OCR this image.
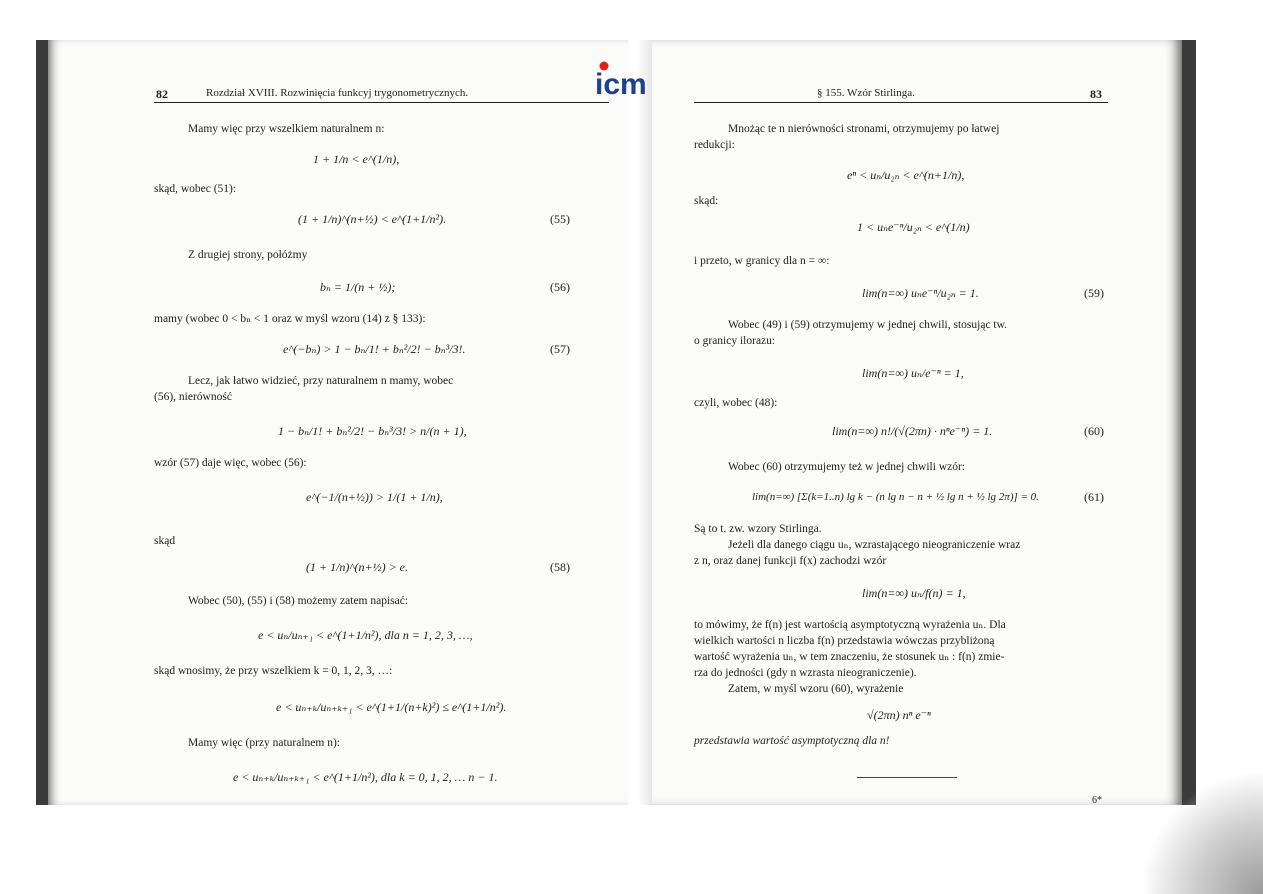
82	Rozdział XVIII. Rozwinięcia funkcyj trygonometrycznych.
Mamy więc przy wszelkiem naturalnem n:
1 + 1/n < e^(1/n),
skąd, wobec (51):
(1 + 1/n)^(n+½) < e^(1+1/n²).	(55)
Z drugiej strony, połóżmy
bₙ = 1/(n + ½);	(56)
mamy (wobec 0 < bₙ < 1 oraz w myśl wzoru (14) z § 133):
e^(−bₙ) > 1 − bₙ/1! + bₙ²/2! − bₙ³/3!.	(57)
Lecz, jak łatwo widzieć, przy naturalnem n mamy, wobec
(56), nierówność
1 − bₙ/1! + bₙ²/2! − bₙ³/3! > n/(n + 1),
wzór (57) daje więc, wobec (56):
e^(−1/(n+½)) > 1/(1 + 1/n),
skąd
(1 + 1/n)^(n+½) > e.	(58)
Wobec (50), (55) i (58) możemy zatem napisać:
e < uₙ/uₙ₊₁ < e^(1+1/n²), dla n = 1, 2, 3, …,
skąd wnosimy, że przy wszelkiem k = 0, 1, 2, 3, …:
e < uₙ₊ₖ/uₙ₊ₖ₊₁ < e^(1+1/(n+k)²) ≤ e^(1+1/n²).
Mamy więc (przy naturalnem n):
e < uₙ₊ₖ/uₙ₊ₖ₊₁ < e^(1+1/n²), dla k = 0, 1, 2, … n − 1.
icm	§ 155. Wzór Stirlinga.	83
Mnożąc te n nierówności stronami, otrzymujemy po łatwej
redukcji:
eⁿ < uₙ/u₂ₙ < e^(n+1/n),
skąd:
1 < uₙe⁻ⁿ/u₂ₙ < e^(1/n)
i przeto, w granicy dla n = ∞:
lim(n=∞) uₙe⁻ⁿ/u₂ₙ = 1.	(59)
Wobec (49) i (59) otrzymujemy w jednej chwili, stosując tw.
o granicy ilorazu:
lim(n=∞) uₙ/e⁻ⁿ = 1,
czyli, wobec (48):
lim(n=∞) n!/(√(2πn) · nⁿe⁻ⁿ) = 1.	(60)
Wobec (60) otrzymujemy też w jednej chwili wzór:
lim(n=∞) [Σ(k=1..n) lg k − (n lg n − n + ½ lg n + ½ lg 2π)] = 0.	(61)
Są to t. zw. wzory Stirlinga.
Jeżeli dla danego ciągu uₙ, wzrastającego nieograniczenie wraz
z n, oraz danej funkcji f(x) zachodzi wzór
lim(n=∞) uₙ/f(n) = 1,
to mówimy, że f(n) jest wartością asymptotyczną wyrażenia uₙ. Dla
wielkich wartości n liczba f(n) przedstawia wówczas przybliżoną
wartość wyrażenia uₙ, w tem znaczeniu, że stosunek uₙ : f(n) zmie-
rza do jedności (gdy n wzrasta nieograniczenie).
Zatem, w myśl wzoru (60), wyrażenie
√(2πn) nⁿ e⁻ⁿ
przedstawia wartość asymptotyczną dla n!
6*
